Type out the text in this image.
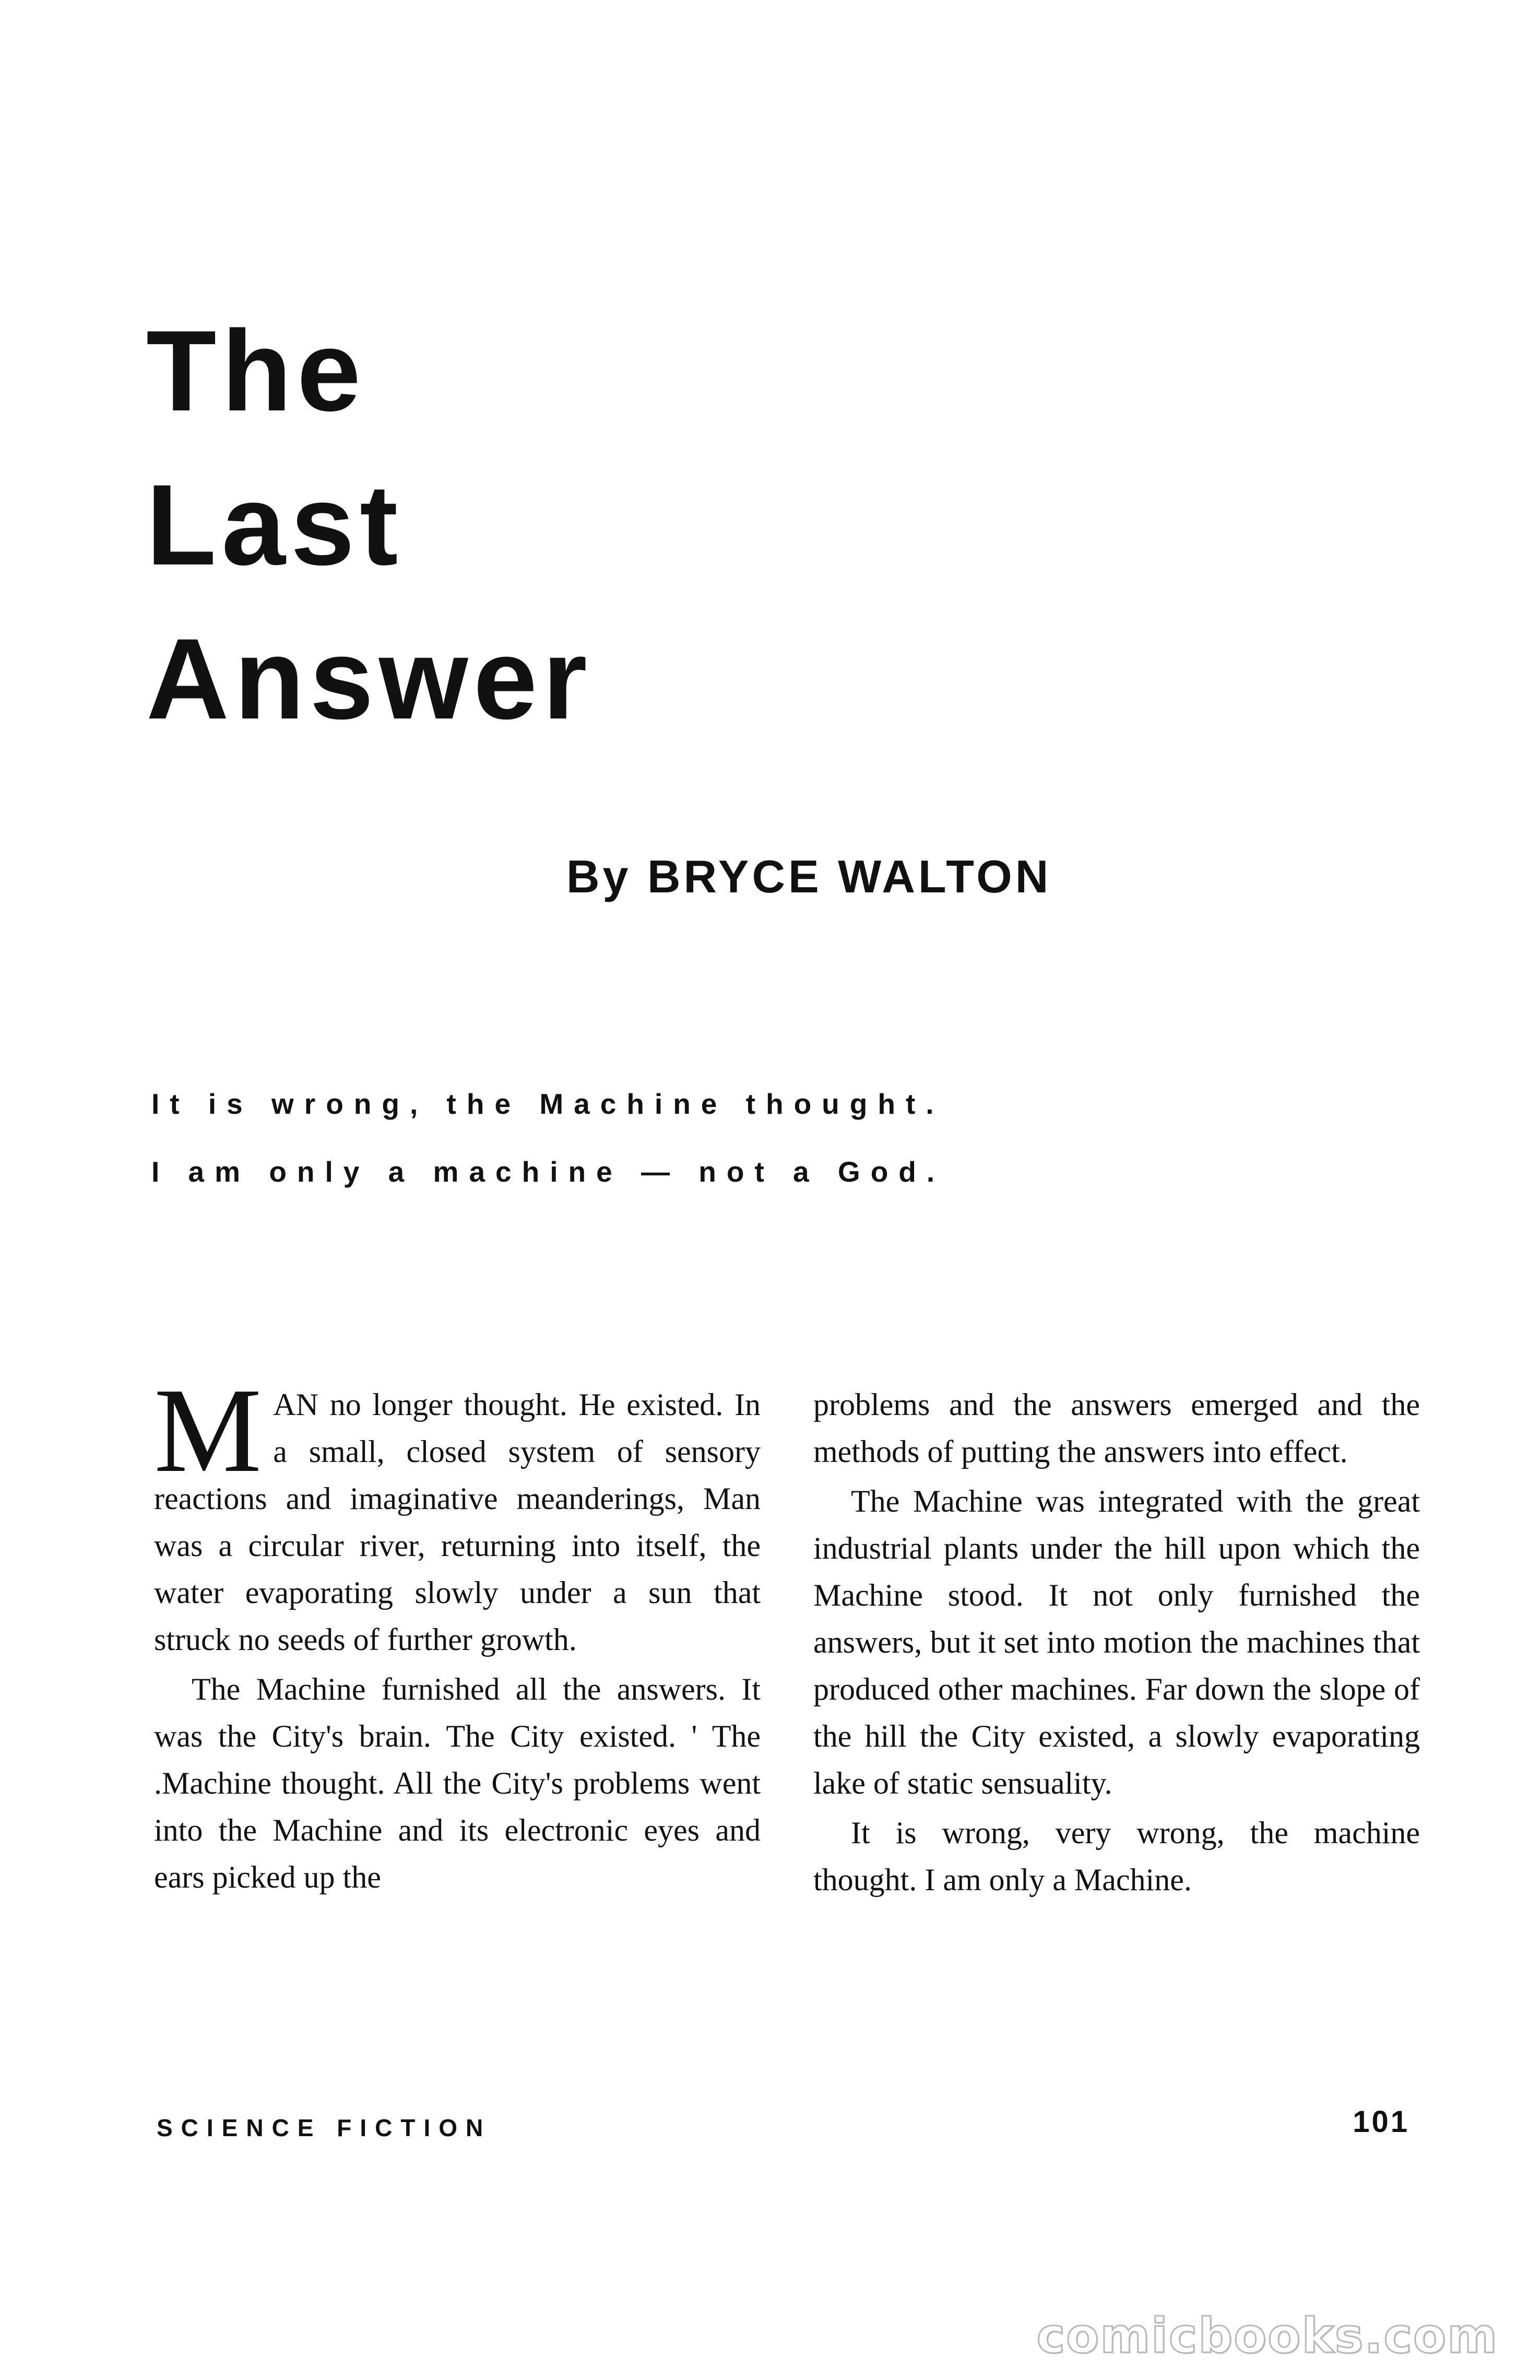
The
Last
Answer
By BRYCE WALTON
It is wrong, the Machine thought.
I am only a machine — not a God.

MAN no longer thought. He existed. In a small, closed system of sensory reactions and imaginative meanderings, Man was a circular river, returning into itself, the water evaporating slowly under a sun that struck no seeds of further growth.

The Machine furnished all the answers. It was the City's brain. The City existed. ' The .Machine thought. All the City's problems went into the Machine and its electronic eyes and ears picked up the

problems and the answers emerged and the methods of putting the answers into effect.

The Machine was integrated with the great industrial plants under the hill upon which the Machine stood. It not only furnished the answers, but it set into motion the machines that produced other machines. Far down the slope of the hill the City existed, a slowly evaporating lake of static sensuality.

It is wrong, very wrong, the machine thought. I am only a Machine.

SCIENCE FICTION	101
comicbooks.com
